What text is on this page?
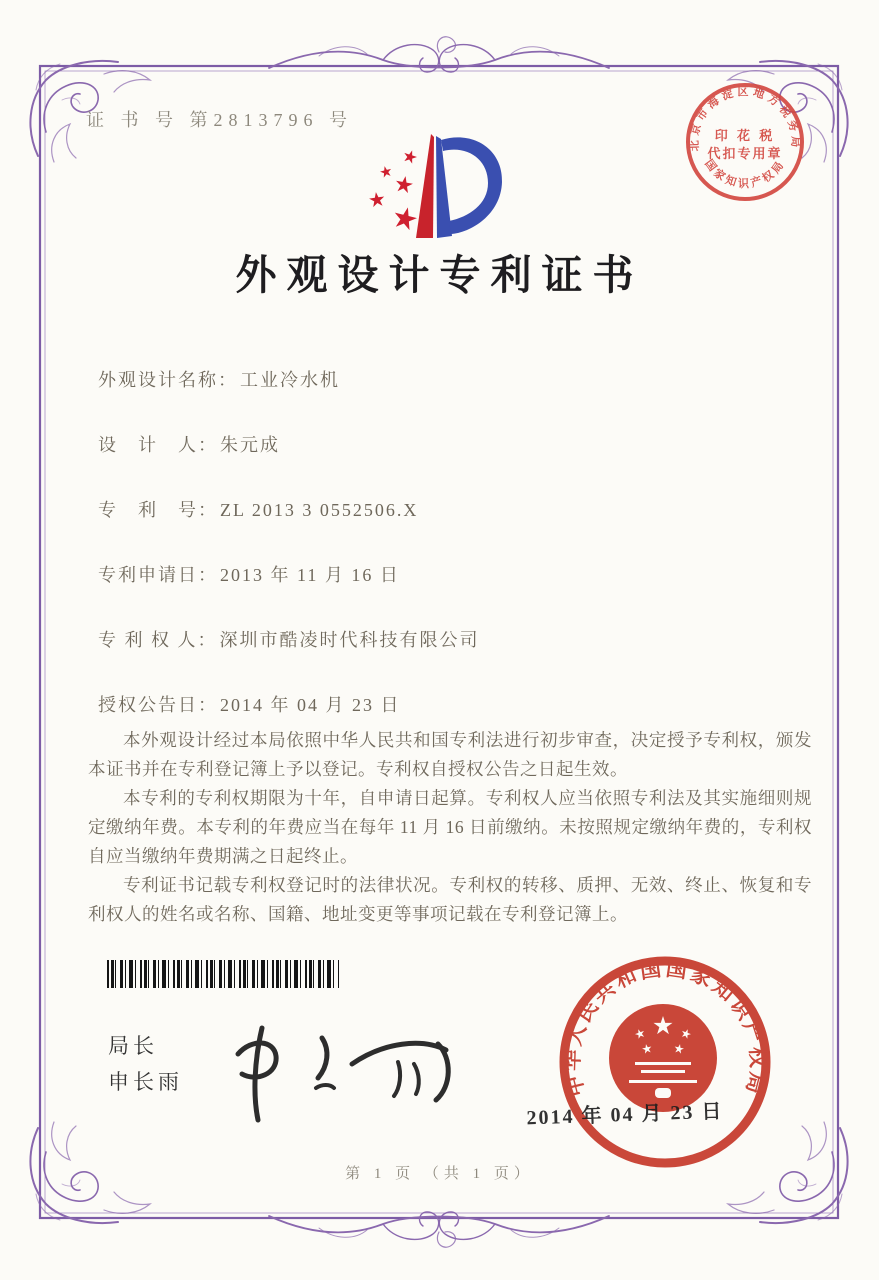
北京市海淀区地方税务局
国家知识产权局
印 花 税
代扣专用章
中华人民共和国国家知识产权局
2014 年 04 月 23 日
证 书 号 第2813796 号
外观设计专利证书
外观设计名称： 工业冷水机
设　计　人： 朱元成
专　利　号： ZL 2013 3 0552506.X
专利申请日： 2013 年 11 月 16 日
专 利 权 人： 深圳市酷凌时代科技有限公司
授权公告日： 2014 年 04 月 23 日

本外观设计经过本局依照中华人民共和国专利法进行初步审查，决定授予专利权，颁发本证书并在专利登记簿上予以登记。专利权自授权公告之日起生效。

本专利的专利权期限为十年，自申请日起算。专利权人应当依照专利法及其实施细则规定缴纳年费。本专利的年费应当在每年 11 月 16 日前缴纳。未按照规定缴纳年费的，专利权自应当缴纳年费期满之日起终止。

专利证书记载专利权登记时的法律状况。专利权的转移、质押、无效、终止、恢复和专利权人的姓名或名称、国籍、地址变更等事项记载在专利登记簿上。

局长
申长雨
第 1 页 （共 1 页）
